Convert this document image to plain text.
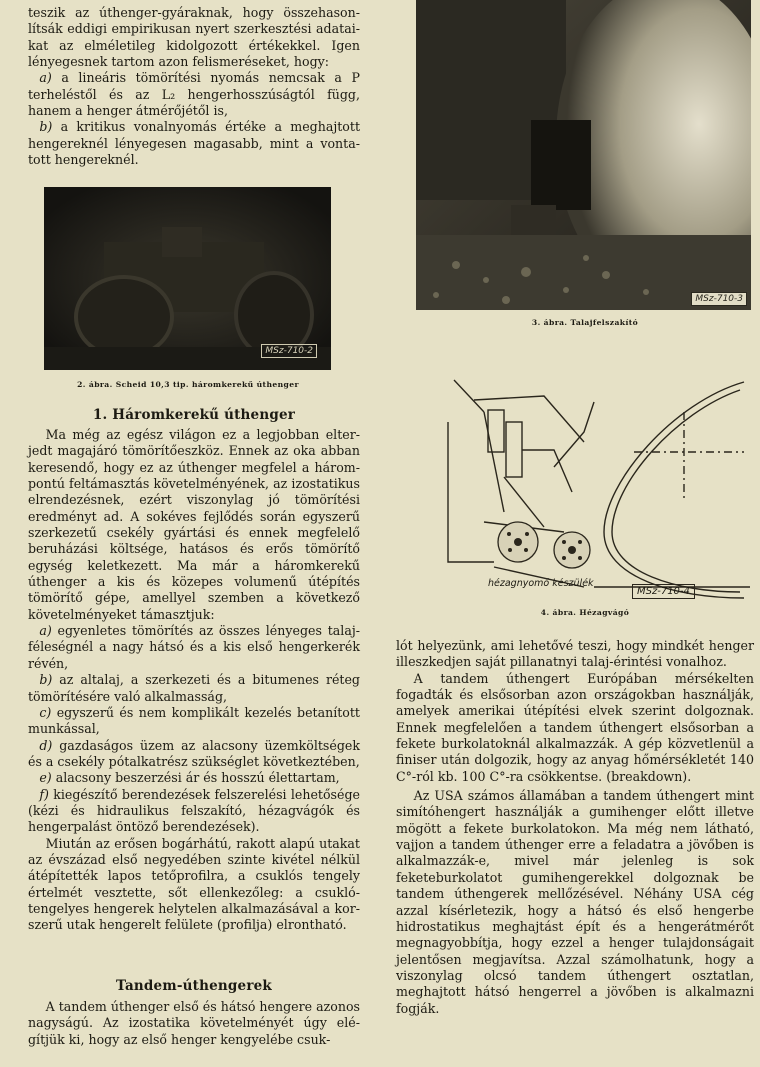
teszik az úthenger-gyáraknak, hogy összehasonlítsák eddigi empirikusan nyert szerkesztési adataikat az elméletileg kidolgozott értékekkel. Igen lényegesnek tartom azon felismeréseket, hogy:

a) a lineáris tömörítési nyomás nemcsak a P terheléstől és az L₂ hengerhosszúságtól függ, hanem a henger átmérőjétől is,

b) a kritikus vonalnyomás értéke a meghajtott hengereknél lényegesen magasabb, mint a vontatott hengereknél.

MSz-710-2
2. ábra. Scheid 10,3 tip. háromkerekű úthenger
1. Háromkerekű úthenger

Ma még az egész világon ez a legjobban elterjedt magajáró tömörítőeszköz. Ennek az oka abban keresendő, hogy ez az úthenger megfelel a hárompontú feltámasztás követelményének, az izostatikus elrendezésnek, ezért viszonylag jó tömörítési eredményt ad. A sokéves fejlődés során egyszerű szerkezetű csekély gyártási és ennek megfelelő beruházási költsége, hatásos és erős tömörítő egység keletkezett. Ma már a háromkerekű úthenger a kis és közepes volumenű útépítés tömörítő gépe, amellyel szemben a következő követelményeket támasztjuk:

a) egyenletes tömörítés az összes lényeges talajféleségnél a nagy hátsó és a kis első hengerkerék révén,

b) az altalaj, a szerkezeti és a bitumenes réteg tömörítésére való alkalmasság,

c) egyszerű és nem komplikált kezelés betanított munkással,

d) gazdaságos üzem az alacsony üzemköltségek és a csekély pótalkatrész szükséglet következtében,

e) alacsony beszerzési ár és hosszú élettartam,

f) kiegészítő berendezések felszerelési lehetősége (kézi és hidraulikus felszakító, hézagvágók és hengerpalást öntöző berendezések).

Miután az erősen bogárhátú, rakott alapú utakat az évszázad első negyedében szinte kivétel nélkül átépítették lapos tetőprofilra, a csuklós tengely értelmét vesztette, sőt ellenkezőleg: a csuklótengelyes hengerek helytelen alkalmazásával a korszerű utak hengerelt felülete (profilja) elrontható.

Tandem-úthengerek

A tandem úthenger első és hátsó hengere azonos nagyságú. Az izostatika követelményét úgy elégítjük ki, hogy az első henger kengyelébe csuk-

MSz-710-3
3. ábra. Talajfelszakító
hézagnyomó készülék
MSz-710-4
4. ábra. Hézagvágó

lót helyezünk, ami lehetővé teszi, hogy mindkét henger illeszkedjen saját pillanatnyi talaj-érintési vonalhoz.

A tandem úthengert Európában mérsékelten fogadták és elsősorban azon országokban használják, amelyek amerikai útépítési elvek szerint dolgoznak. Ennek megfelelően a tandem úthengert elsősorban a fekete burkolatoknál alkalmazzák. A gép közvetlenül a finiser után dolgozik, hogy az anyag hőmérsékletét 140 C°-ról kb. 100 C°-ra csökkentse. (breakdown).

Az USA számos államában a tandem úthengert mint simítóhengert használják a gumihenger előtt illetve mögött a fekete burkolatokon. Ma még nem látható, vajjon a tandem úthenger erre a feladatra a jövőben is alkalmazzák-e, mivel már jelenleg is sok feketeburkolatot gumihengerekkel dolgoznak be tandem úthengerek mellőzésével. Néhány USA cég azzal kísérletezik, hogy a hátsó és első hengerbe hidrostatikus meghajtást épít és a hengerátmérőt megnagyobbítja, hogy ezzel a henger tulajdonságait jelentősen megjavítsa. Azzal számolhatunk, hogy a viszonylag olcsó tandem úthengert osztatlan, meghajtott hátsó hengerrel a jövőben is alkalmazni fogják.
